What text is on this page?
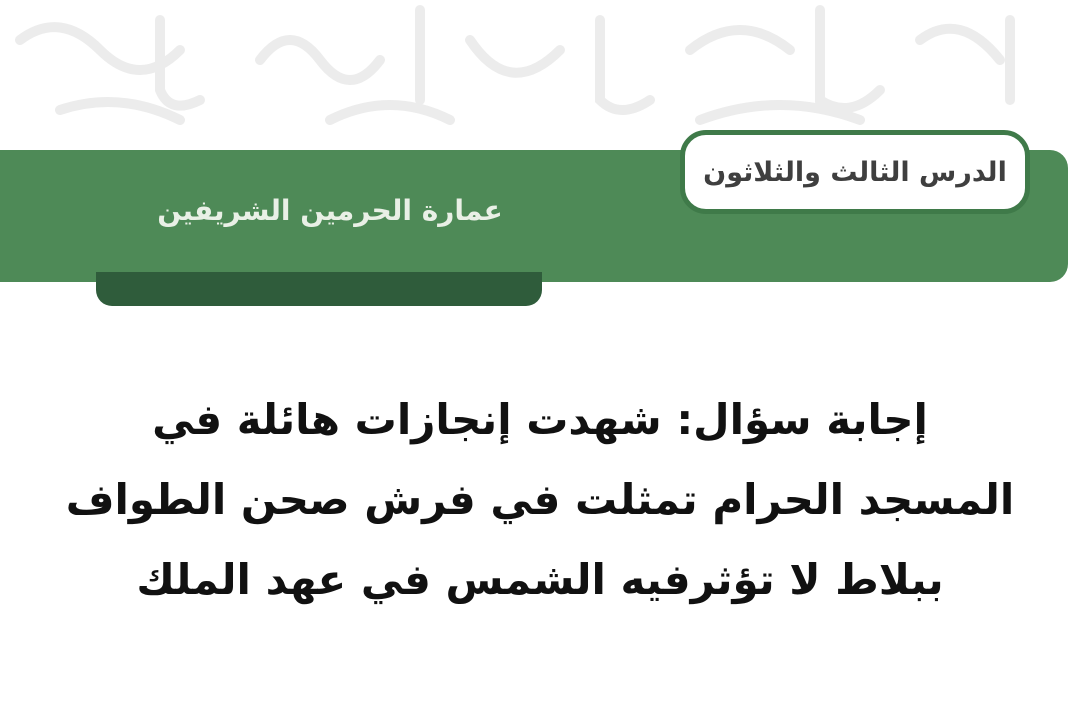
الدرس الثالث والثلاثون
عمارة الحرمين الشريفين
إجابة سؤال: شهدت إنجازات هائلة في
المسجد الحرام تمثلت في فرش صحن الطواف
ببلاط لا تؤثرفيه الشمس في عهد الملك
